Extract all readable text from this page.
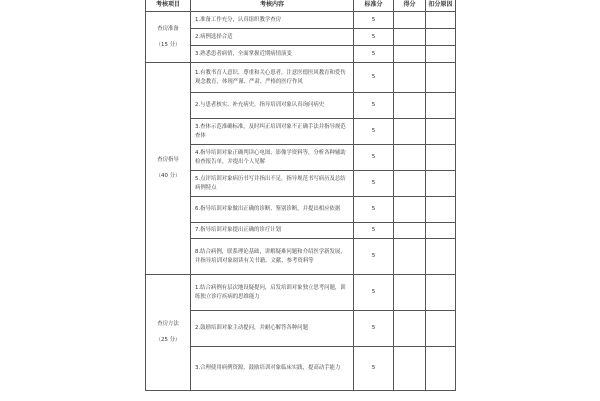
考核项目	考核内容	标准分	得分	扣分原因
查房准备
（15 分）	1.准备工作充分，认真组织教学查房	5		
	2.病例选择合适	5		
	3.熟悉患者病情，全面掌握近期病情演变	5		
查房指导
（40 分）	1.有教书育人意识，尊重和关心患者，注意医德医风教育和爱伤观念教育，体现严谨、严肃、严格的医疗作风	5		
	2.与患者核实、补充病史，指导培训对象认真询问病史	5		
	3.查体示范准确标准，及时纠正培训对象不正确手法并指导规范查体	5		
	4.指导培训对象正确判读心电图、影像学资料等，分析各种辅助检查报告单，并提出个人见解	5		
	5.点评培训对象病历书写并指出不足，指导规范书写病历及总结病例特点	5		
	6.指导培训对象做出正确的诊断、鉴别诊断，并提出相应依据	5		
	7.指导培训对象提出正确的诊疗计划	5		
	8.结合病例，联系理论基础，讲解疑难问题和介绍医学新发展，并指导培训对象阅读有关书籍、文献、参考资料等	5		
查房方法
（25 分）	1.结合病例有层次地设疑提问，启发培训对象独立思考问题，训练独立诊疗疾病的思维能力	5		
	2.鼓励培训对象主动提问，并耐心解答各种问题	5		
	3.合理使用病例资源，鼓励培训对象临床实践，提高动手能力	5		
